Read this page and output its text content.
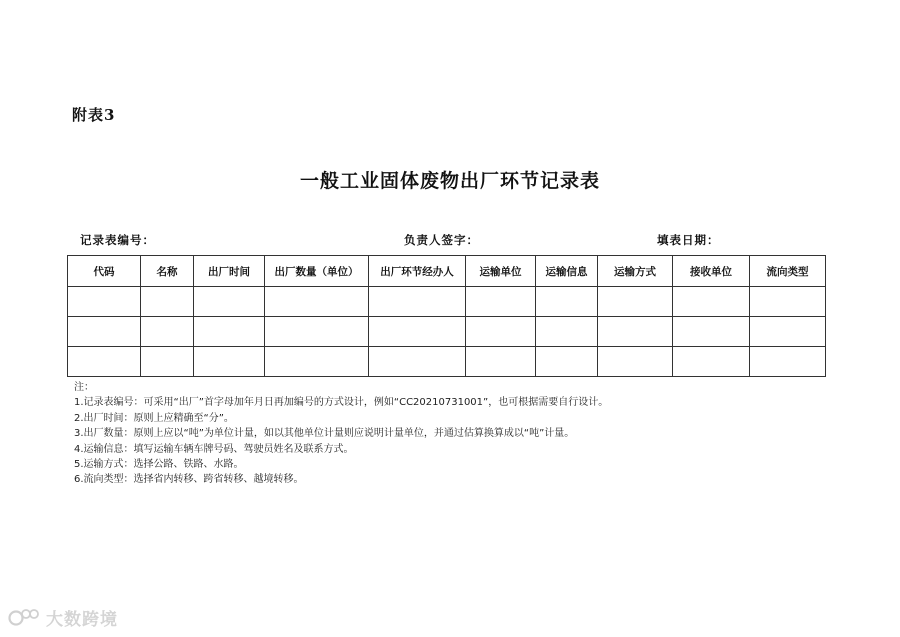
附表3
一般工业固体废物出厂环节记录表
记录表编号：	负责人签字：	填表日期：
代码	名称	出厂时间	出厂数量（单位）	出厂环节经办人	运输单位	运输信息	运输方式	接收单位	流向类型

注：
1.记录表编号：可采用“出厂”首字母加年月日再加编号的方式设计，例如“CC20210731001”，也可根据需要自行设计。
2.出厂时间：原则上应精确至“分”。
3.出厂数量：原则上应以“吨”为单位计量，如以其他单位计量则应说明计量单位，并通过估算换算成以“吨”计量。
4.运输信息：填写运输车辆车牌号码、驾驶员姓名及联系方式。
5.运输方式：选择公路、铁路、水路。
6.流向类型：选择省内转移、跨省转移、越境转移。
大数跨境
